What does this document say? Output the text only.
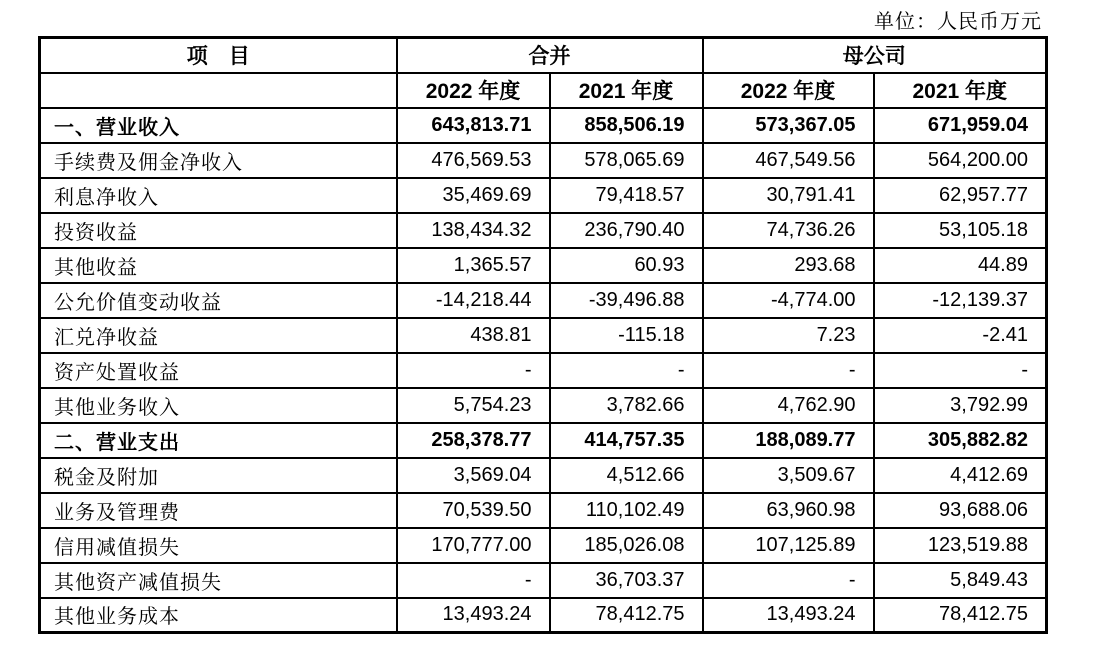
单位：人民币万元
项　目	合并		母公司	
	2022 年度	2021 年度	2022 年度	2021 年度
一、营业收入	643,813.71	858,506.19	573,367.05	671,959.04
手续费及佣金净收入	476,569.53	578,065.69	467,549.56	564,200.00
利息净收入	35,469.69	79,418.57	30,791.41	62,957.77
投资收益	138,434.32	236,790.40	74,736.26	53,105.18
其他收益	1,365.57	60.93	293.68	44.89
公允价值变动收益	-14,218.44	-39,496.88	-4,774.00	-12,139.37
汇兑净收益	438.81	-115.18	7.23	-2.41
资产处置收益	-	-	-	-
其他业务收入	5,754.23	3,782.66	4,762.90	3,792.99
二、营业支出	258,378.77	414,757.35	188,089.77	305,882.82
税金及附加	3,569.04	4,512.66	3,509.67	4,412.69
业务及管理费	70,539.50	110,102.49	63,960.98	93,688.06
信用减值损失	170,777.00	185,026.08	107,125.89	123,519.88
其他资产减值损失	-	36,703.37	-	5,849.43
其他业务成本	13,493.24	78,412.75	13,493.24	78,412.75
